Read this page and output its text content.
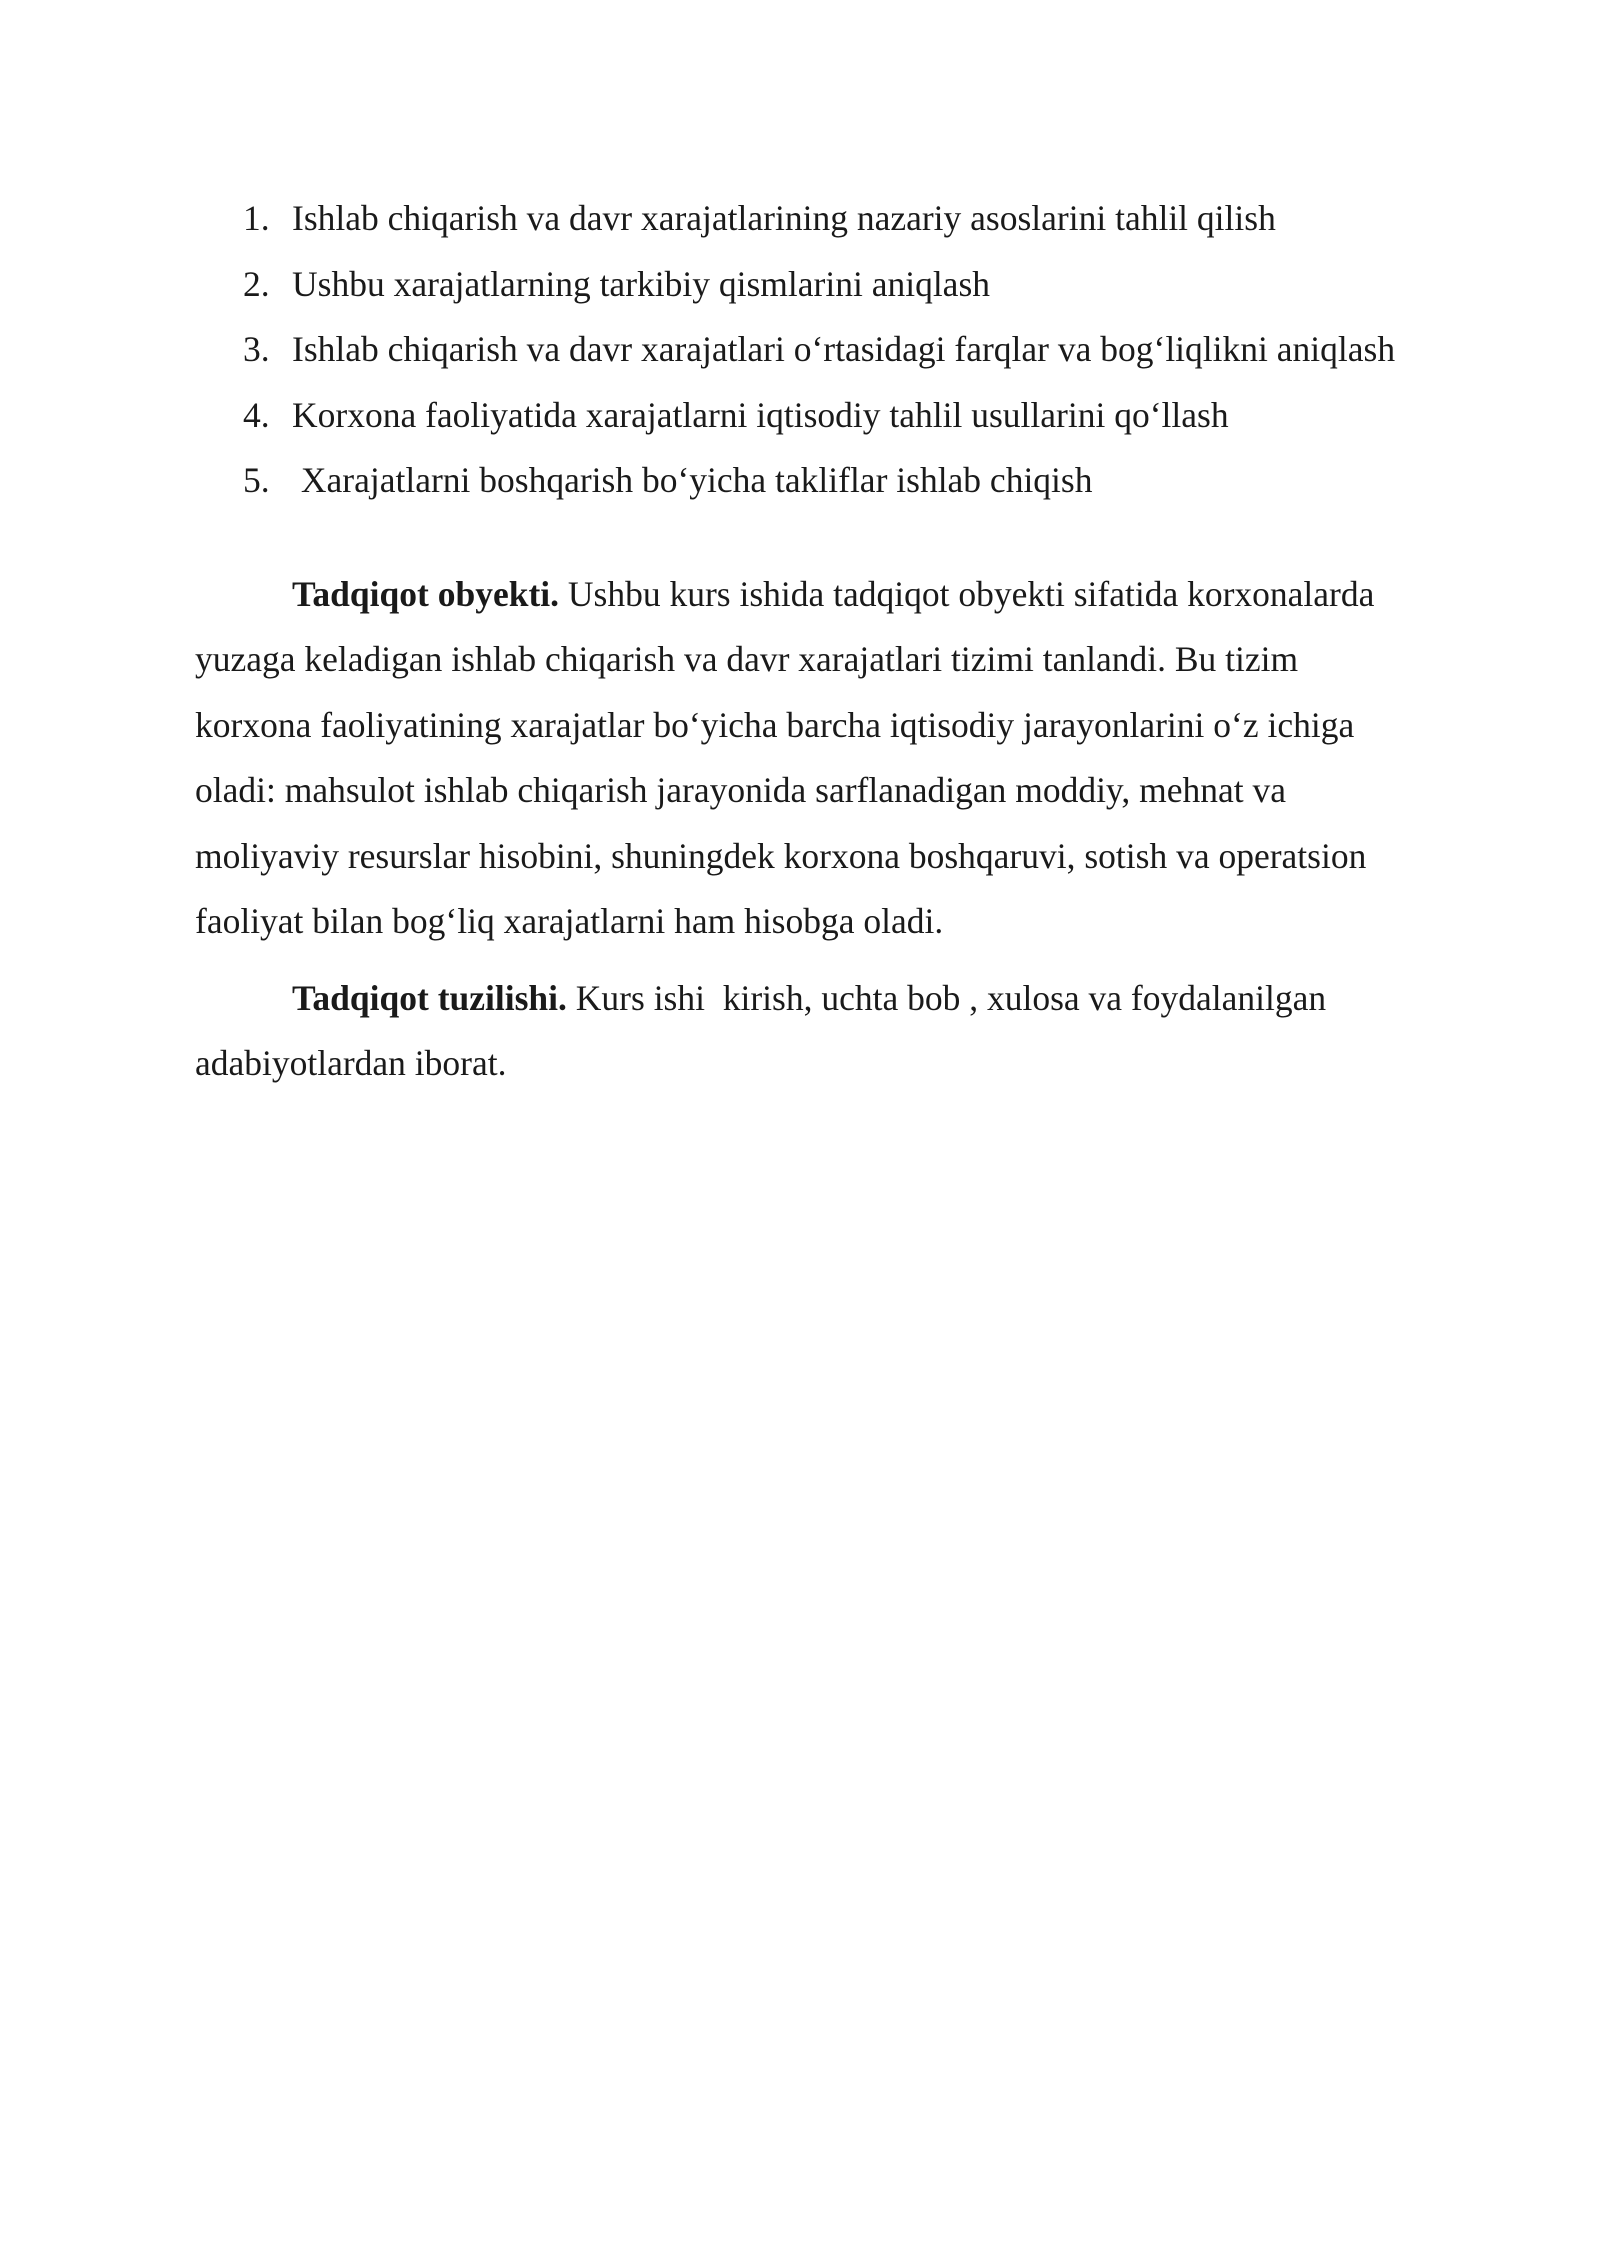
1. Ishlab chiqarish va davr xarajatlarining nazariy asoslarini tahlil qilish
2. Ushbu xarajatlarning tarkibiy qismlarini aniqlash
3. Ishlab chiqarish va davr xarajatlari o‘rtasidagi farqlar va bog‘liqlikni aniqlash
4. Korxona faoliyatida xarajatlarni iqtisodiy tahlil usullarini qo‘llash
5. Xarajatlarni boshqarish bo‘yicha takliflar ishlab chiqish

Tadqiqot obyekti. Ushbu kurs ishida tadqiqot obyekti sifatida korxonalarda yuzaga keladigan ishlab chiqarish va davr xarajatlari tizimi tanlandi. Bu tizim korxona faoliyatining xarajatlar bo‘yicha barcha iqtisodiy jarayonlarini o‘z ichiga oladi: mahsulot ishlab chiqarish jarayonida sarflanadigan moddiy, mehnat va moliyaviy resurslar hisobini, shuningdek korxona boshqaruvi, sotish va operatsion faoliyat bilan bog‘liq xarajatlarni ham hisobga oladi.

Tadqiqot tuzilishi. Kurs ishi  kirish, uchta bob , xulosa va foydalanilgan adabiyotlardan iborat.
